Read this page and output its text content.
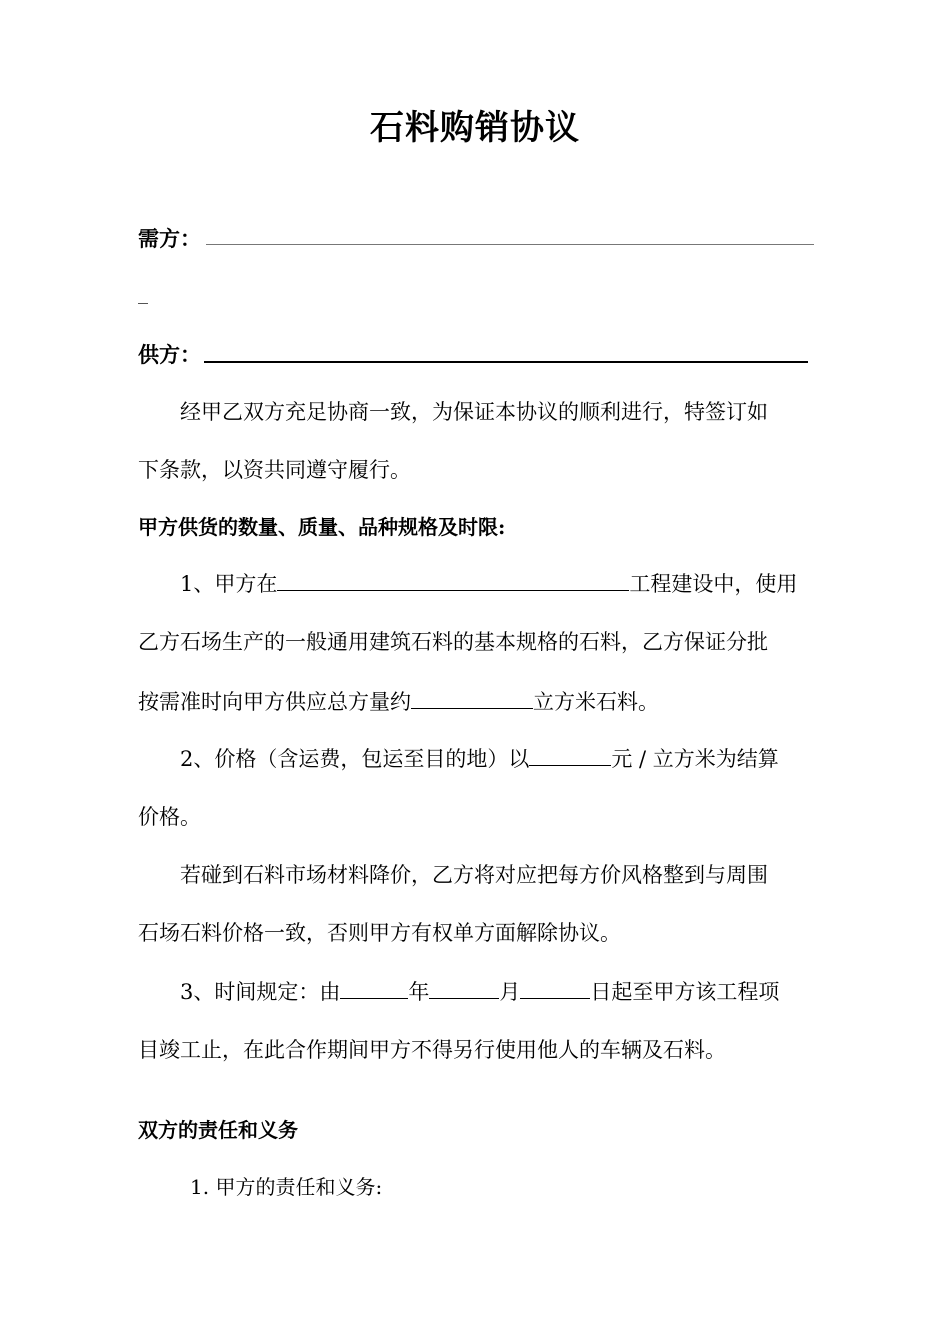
石料购销协议
需方：
供方：
经甲乙双方充足协商一致，为保证本协议的顺利进行，特签订如
下条款，以资共同遵守履行。
甲方供货的数量、质量、品种规格及时限:
1、甲方在	工程建设中，使用
乙方石场生产的一般通用建筑石料的基本规格的石料，乙方保证分批
按需准时向甲方供应总方量约	立方米石料。
2、价格（含运费，包运至目的地）以	元 / 立方米为结算
价格。
若碰到石料市场材料降价，乙方将对应把每方价风格整到与周围
石场石料价格一致，否则甲方有权单方面解除协议。
3、时间规定：由	年	月	日起至甲方该工程项
目竣工止，在此合作期间甲方不得另行使用他人的车辆及石料。
双方的责任和义务
1. 甲方的责任和义务:
